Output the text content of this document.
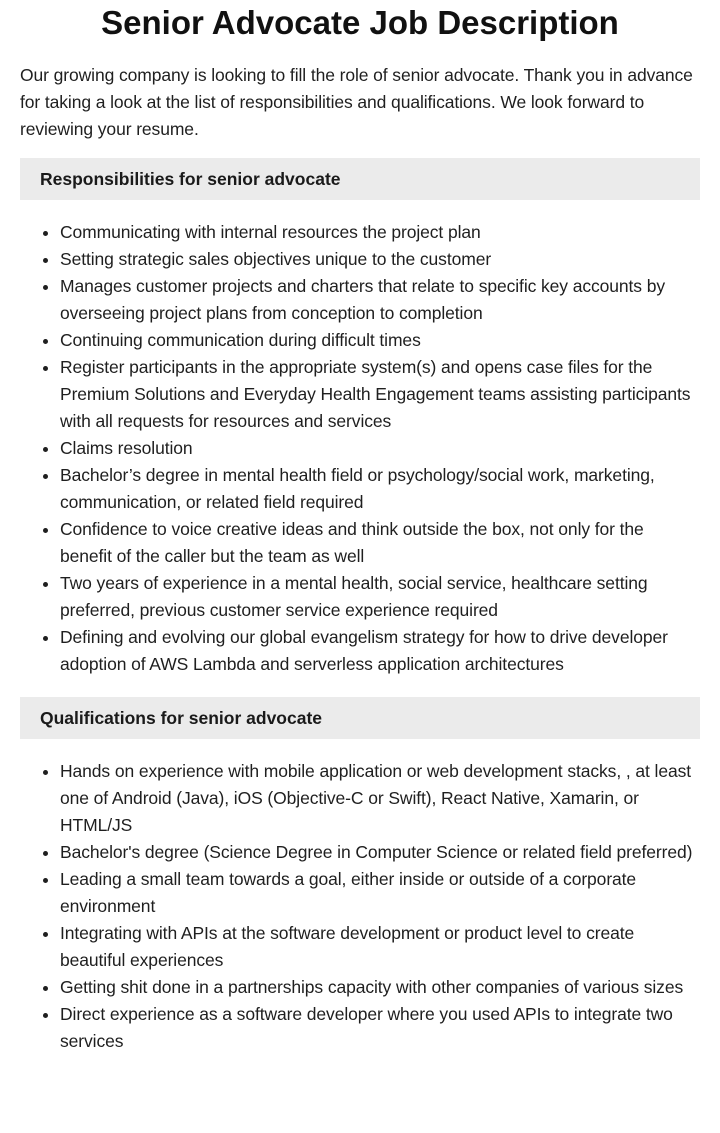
Senior Advocate Job Description

Our growing company is looking to fill the role of senior advocate. Thank you in advance for taking a look at the list of responsibilities and qualifications. We look forward to reviewing your resume.

Responsibilities for senior advocate
• Communicating with internal resources the project plan
• Setting strategic sales objectives unique to the customer
• Manages customer projects and charters that relate to specific key accounts by overseeing project plans from conception to completion
• Continuing communication during difficult times
• Register participants in the appropriate system(s) and opens case files for the Premium Solutions and Everyday Health Engagement teams assisting participants with all requests for resources and services
• Claims resolution
• Bachelor’s degree in mental health field or psychology/social work, marketing, communication, or related field required
• Confidence to voice creative ideas and think outside the box, not only for the benefit of the caller but the team as well
• Two years of experience in a mental health, social service, healthcare setting preferred, previous customer service experience required
• Defining and evolving our global evangelism strategy for how to drive developer adoption of AWS Lambda and serverless application architectures
Qualifications for senior advocate
• Hands on experience with mobile application or web development stacks, , at least one of Android (Java), iOS (Objective-C or Swift), React Native, Xamarin, or HTML/JS
• Bachelor's degree (Science Degree in Computer Science or related field preferred)
• Leading a small team towards a goal, either inside or outside of a corporate environment
• Integrating with APIs at the software development or product level to create beautiful experiences
• Getting shit done in a partnerships capacity with other companies of various sizes
• Direct experience as a software developer where you used APIs to integrate two services
